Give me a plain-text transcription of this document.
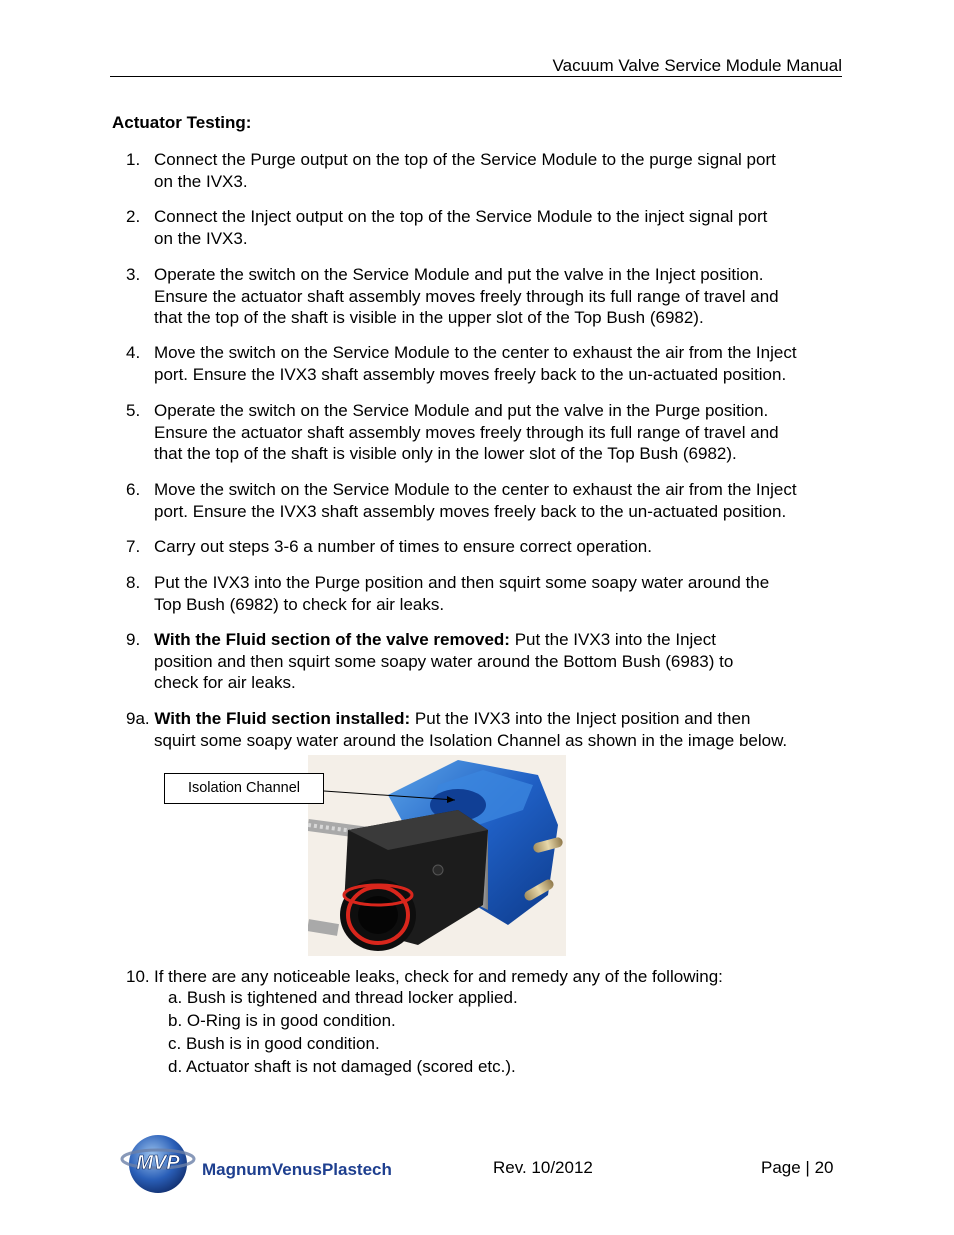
Vacuum Valve Service Module Manual
Actuator Testing:
1. Connect the Purge output on the top of the Service Module to the purge signal port
on the IVX3.
2. Connect the Inject output on the top of the Service Module to the inject signal port
on the IVX3.
3. Operate the switch on the Service Module and put the valve in the Inject position.
Ensure the actuator shaft assembly moves freely through its full range of travel and
that the top of the shaft is visible in the upper slot of the Top Bush (6982).
4. Move the switch on the Service Module to the center to exhaust the air from the Inject
port. Ensure the IVX3 shaft assembly moves freely back to the un-actuated position.
5. Operate the switch on the Service Module and put the valve in the Purge position.
Ensure the actuator shaft assembly moves freely through its full range of travel and
that the top of the shaft is visible only in the lower slot of the Top Bush (6982).
6. Move the switch on the Service Module to the center to exhaust the air from the Inject
port. Ensure the IVX3 shaft assembly moves freely back to the un-actuated position.
7. Carry out steps 3-6 a number of times to ensure correct operation.
8. Put the IVX3 into the Purge position and then squirt some soapy water around the
Top Bush (6982) to check for air leaks.
9. With the Fluid section of the valve removed: Put the IVX3 into the Inject
position and then squirt some soapy water around the Bottom Bush (6983) to
check for air leaks.
9a. With the Fluid section installed: Put the IVX3 into the Inject position and then
squirt some soapy water around the Isolation Channel as shown in the image below.
Isolation Channel
10. If there are any noticeable leaks, check for and remedy any of the following:
a. Bush is tightened and thread locker applied.
b. O-Ring is in good condition.
c. Bush is in good condition.
d. Actuator shaft is not damaged (scored etc.).
MVP MagnumVenusPlastech	Rev. 10/2012	Page | 20
